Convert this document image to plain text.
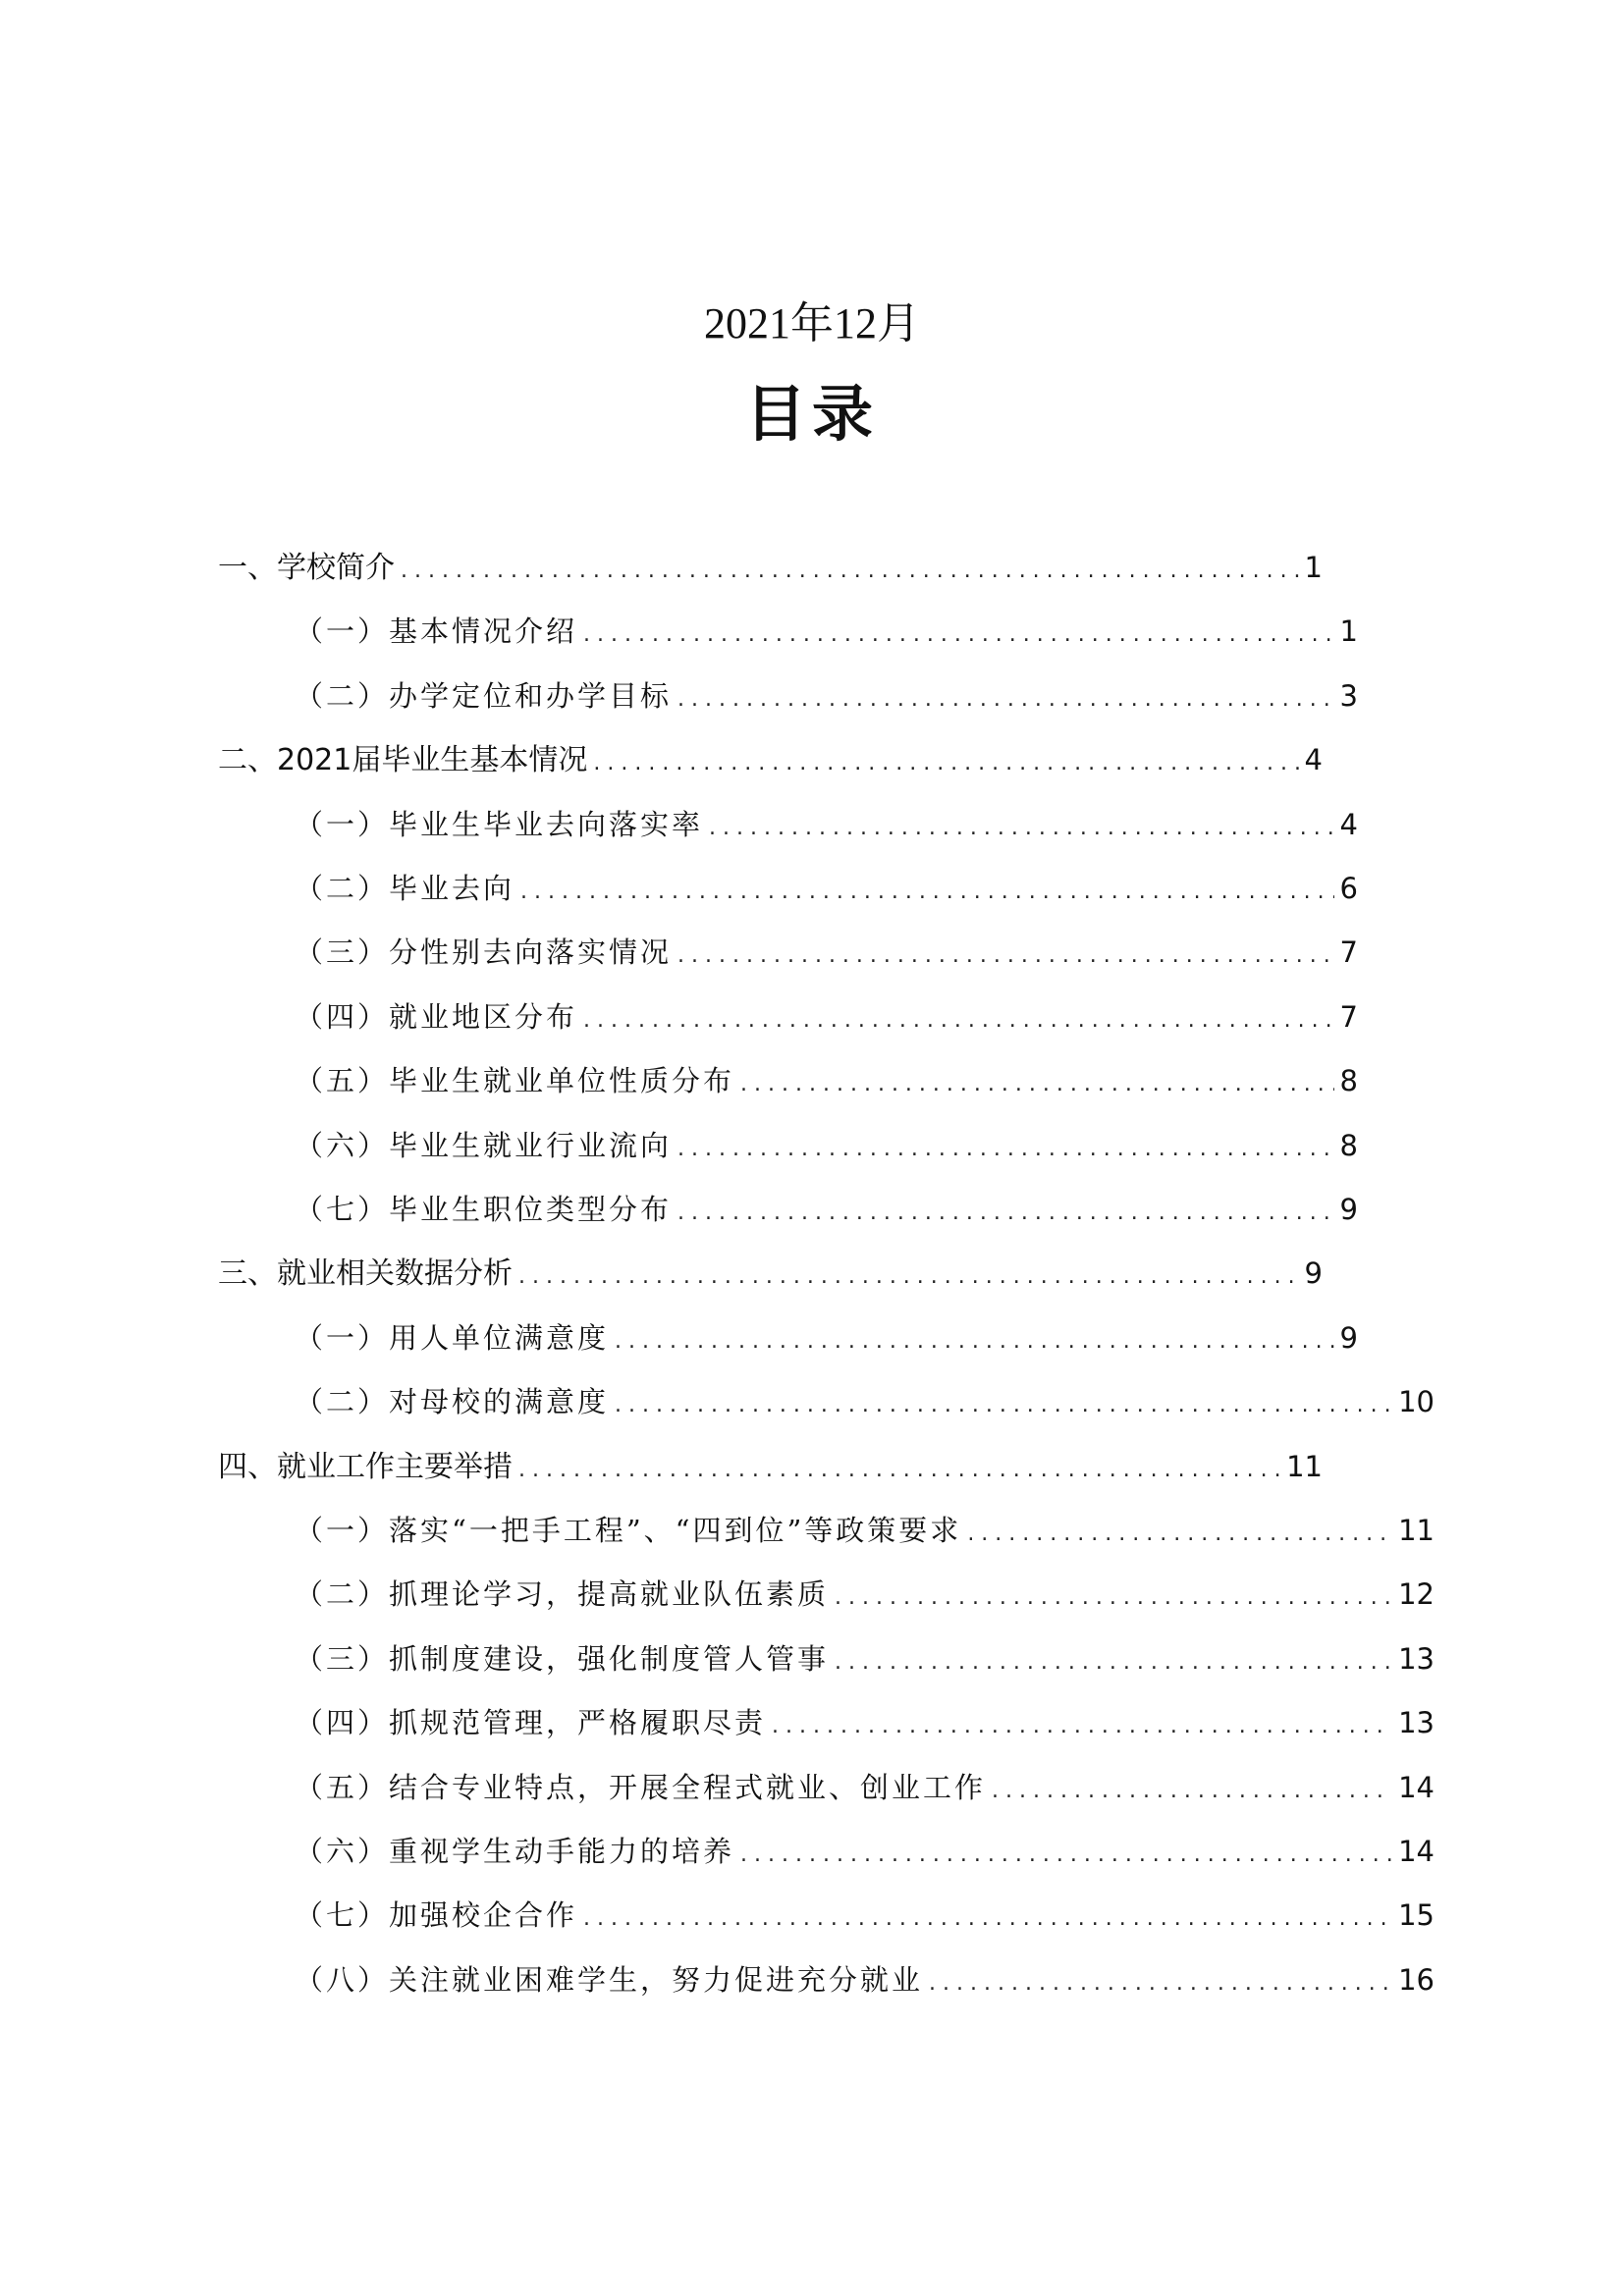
2021年12月
目录
一、学校简介 .....	1
（一）基本情况介绍 .....	1
（二）办学定位和办学目标 .....	3
二、2021届毕业生基本情况 .....	4
（一）毕业生毕业去向落实率 .....	4
（二）毕业去向 .....	6
（三）分性别去向落实情况 .....	7
（四）就业地区分布 .....	7
（五）毕业生就业单位性质分布 .....	8
（六）毕业生就业行业流向 .....	8
（七）毕业生职位类型分布 .....	9
三、就业相关数据分析 .....	9
（一）用人单位满意度 .....	9
（二）对母校的满意度 .....	10
四、就业工作主要举措 .....	11
（一）落实“一把手工程”、“四到位”等政策要求 .....	11
（二）抓理论学习，提高就业队伍素质 .....	12
（三）抓制度建设，强化制度管人管事 .....	13
（四）抓规范管理，严格履职尽责 .....	13
（五）结合专业特点，开展全程式就业、创业工作 .....	14
（六）重视学生动手能力的培养 .....	14
（七）加强校企合作 .....	15
（八）关注就业困难学生，努力促进充分就业 .....	16
